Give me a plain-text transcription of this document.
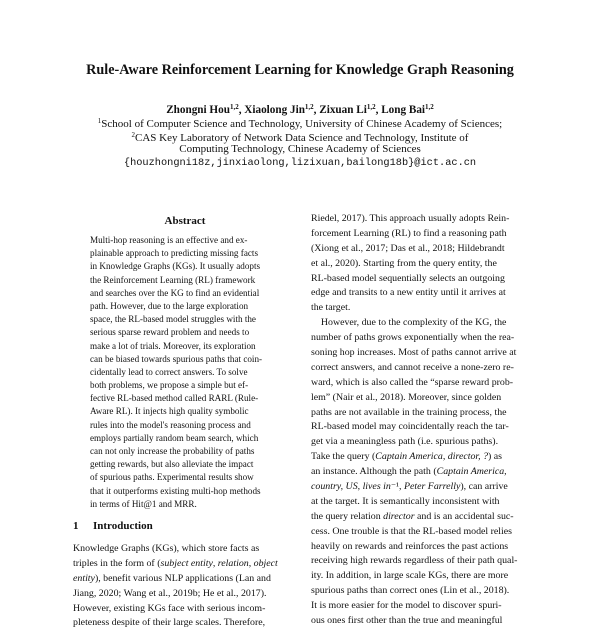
Rule-Aware Reinforcement Learning for Knowledge Graph Reasoning
Zhongni Hou$^{1,2}$, Xiaolong Jin$^{1,2}$, Zixuan Li$^{1,2}$, Long Bai$^{1,2}$
$^1$School of Computer Science and Technology, University of Chinese Academy of Sciences;
$^2$CAS Key Laboratory of Network Data Science and Technology, Institute of
Computing Technology, Chinese Academy of Sciences
{houzhongni18z,jinxiaolong,lizixuan,bailong18b}@ict.ac.cn
Abstract
Multi-hop reasoning is an effective and ex-
plainable approach to predicting missing facts
in Knowledge Graphs (KGs). It usually adopts
the Reinforcement Learning (RL) framework
and searches over the KG to find an evidential
path. However, due to the large exploration
space, the RL-based model struggles with the
serious sparse reward problem and needs to
make a lot of trials. Moreover, its exploration
can be biased towards spurious paths that coin-
cidentally lead to correct answers. To solve
both problems, we propose a simple but ef-
fective RL-based method called RARL (Rule-
Aware RL). It injects high quality symbolic
rules into the model's reasoning process and
employs partially random beam search, which
can not only increase the probability of paths
getting rewards, but also alleviate the impact
of spurious paths. Experimental results show
that it outperforms existing multi-hop methods
in terms of Hit@1 and MRR.
1 Introduction
Knowledge Graphs (KGs), which store facts as
triples in the form of (subject entity, relation, object
entity), benefit various NLP applications (Lan and
Jiang, 2020; Wang et al., 2019b; He et al., 2017).
However, existing KGs face with serious incom-
pleteness despite of their large scales. Therefore,
Riedel, 2017). This approach usually adopts Rein-
forcement Learning (RL) to find a reasoning path
(Xiong et al., 2017; Das et al., 2018; Hildebrandt
et al., 2020). Starting from the query entity, the
RL-based model sequentially selects an outgoing
edge and transits to a new entity until it arrives at
the target.
However, due to the complexity of the KG, the
number of paths grows exponentially when the rea-
soning hop increases. Most of paths cannot arrive at
correct answers, and cannot receive a none-zero re-
ward, which is also called the “sparse reward prob-
lem” (Nair et al., 2018). Moreover, since golden
paths are not available in the training process, the
RL-based model may coincidentally reach the tar-
get via a meaningless path (i.e. spurious paths).
Take the query (Captain America, director, ?) as
an instance. Although the path (Captain America,
country, US, lives in⁻¹, Peter Farrelly), can arrive
at the target. It is semantically inconsistent with
the query relation director and is an accidental suc-
cess. One trouble is that the RL-based model relies
heavily on rewards and reinforces the past actions
receiving high rewards regardless of their path qual-
ity. In addition, in large scale KGs, there are more
spurious paths than correct ones (Lin et al., 2018).
It is more easier for the model to discover spuri-
ous ones first other than the true and meaningful
